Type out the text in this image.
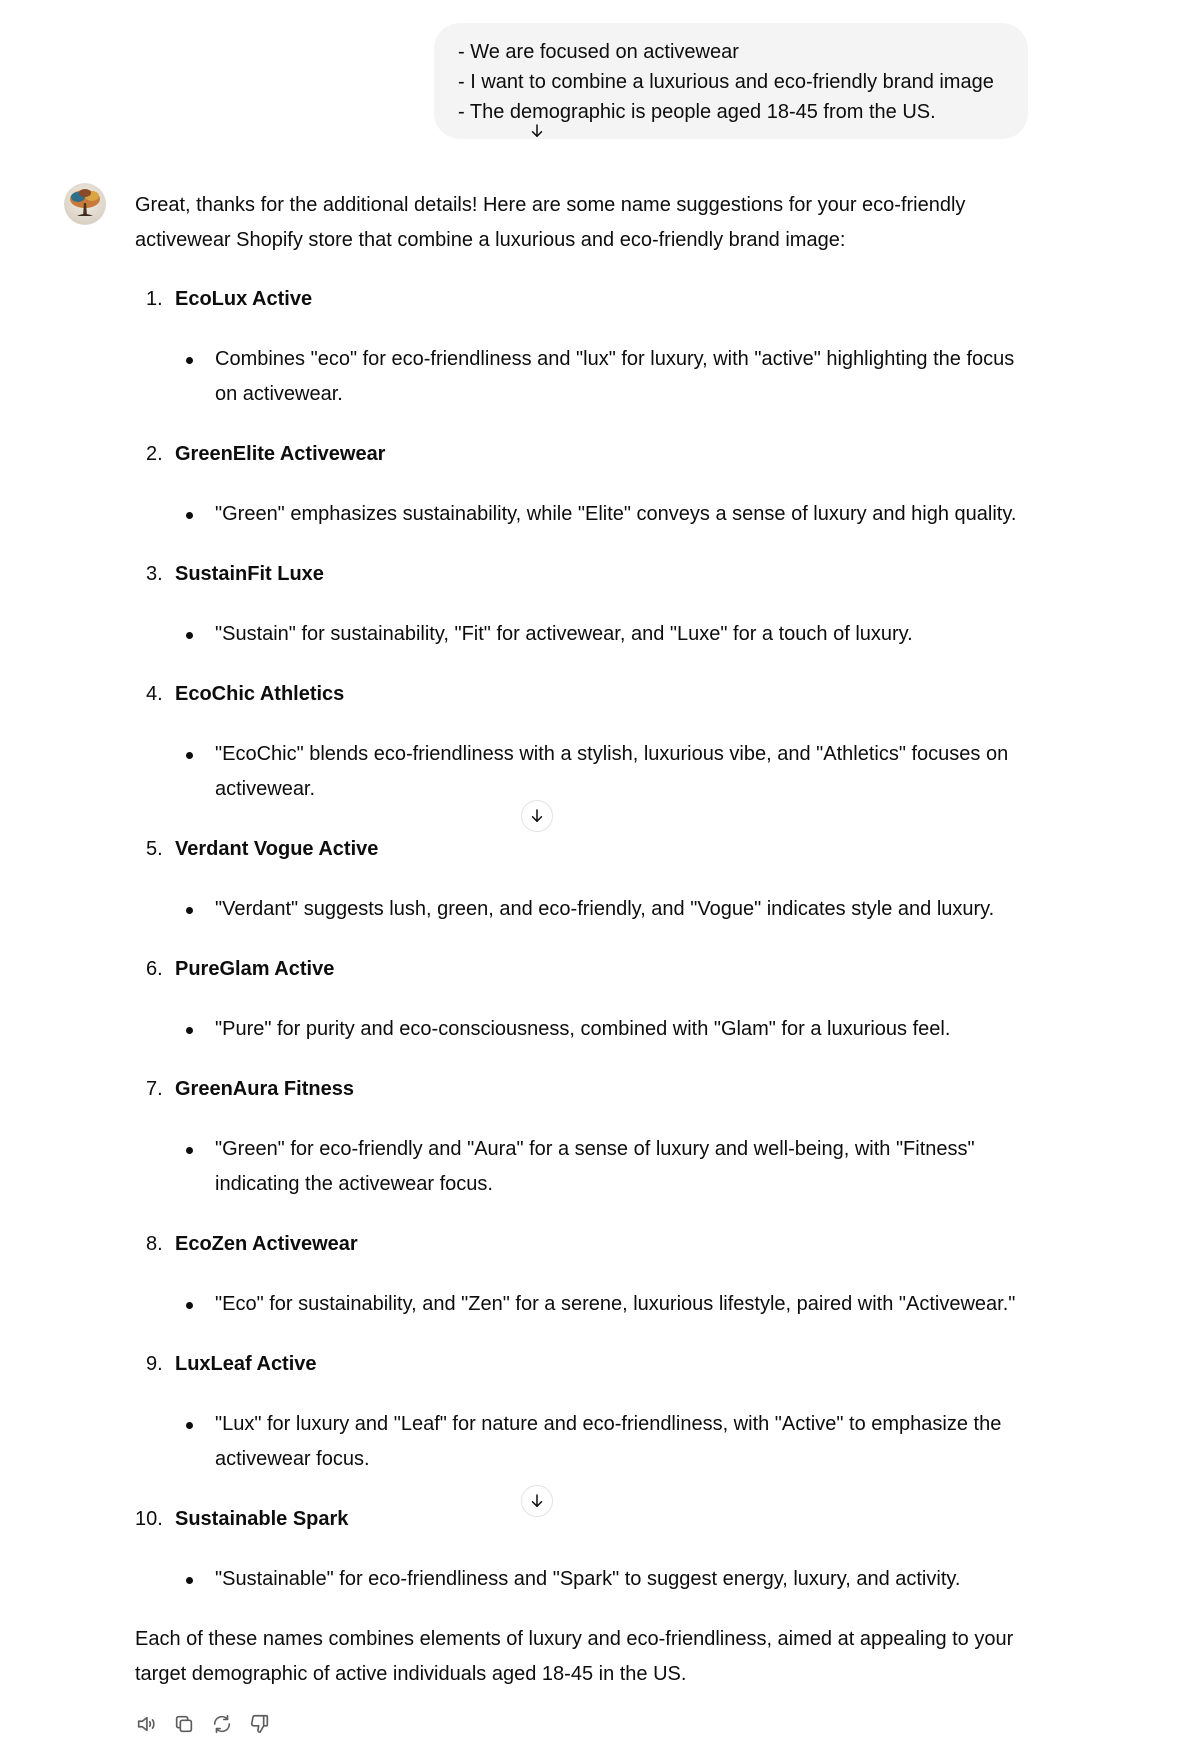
- We are focused on activewear
- I want to combine a luxurious and eco-friendly brand image
- The demographic is people aged 18-45 from the US.

Great, thanks for the additional details! Here are some name suggestions for your eco-friendly activewear Shopify store that combine a luxurious and eco-friendly brand image:

1. EcoLux Active
Combines "eco" for eco-friendliness and "lux" for luxury, with "active" highlighting the focus on activewear.
2. GreenElite Activewear
"Green" emphasizes sustainability, while "Elite" conveys a sense of luxury and high quality.
3. SustainFit Luxe
"Sustain" for sustainability, "Fit" for activewear, and "Luxe" for a touch of luxury.
4. EcoChic Athletics
"EcoChic" blends eco-friendliness with a stylish, luxurious vibe, and "Athletics" focuses on activewear.
5. Verdant Vogue Active
"Verdant" suggests lush, green, and eco-friendly, and "Vogue" indicates style and luxury.
6. PureGlam Active
"Pure" for purity and eco-consciousness, combined with "Glam" for a luxurious feel.
7. GreenAura Fitness
"Green" for eco-friendly and "Aura" for a sense of luxury and well-being, with "Fitness" indicating the activewear focus.
8. EcoZen Activewear
"Eco" for sustainability, and "Zen" for a serene, luxurious lifestyle, paired with "Activewear."
9. LuxLeaf Active
"Lux" for luxury and "Leaf" for nature and eco-friendliness, with "Active" to emphasize the activewear focus.
10. Sustainable Spark
"Sustainable" for eco-friendliness and "Spark" to suggest energy, luxury, and activity.

Each of these names combines elements of luxury and eco-friendliness, aimed at appealing to your target demographic of active individuals aged 18-45 in the US.
